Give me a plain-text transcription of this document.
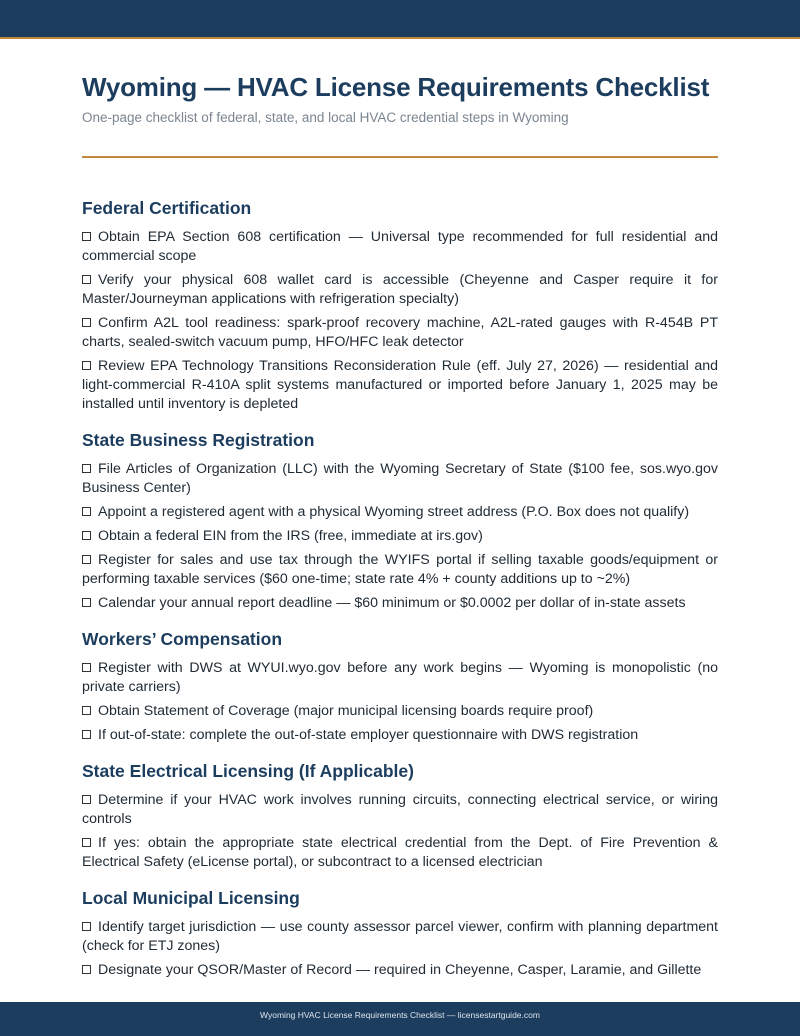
Wyoming — HVAC License Requirements Checklist
One-page checklist of federal, state, and local HVAC credential steps in Wyoming
Federal Certification
Obtain EPA Section 608 certification — Universal type recommended for full residential and commercial scope
Verify your physical 608 wallet card is accessible (Cheyenne and Casper require it for Master/Journeyman applications with refrigeration specialty)
Confirm A2L tool readiness: spark-proof recovery machine, A2L-rated gauges with R-454B PT charts, sealed-switch vacuum pump, HFO/HFC leak detector
Review EPA Technology Transitions Reconsideration Rule (eff. July 27, 2026) — residential and light-commercial R-410A split systems manufactured or imported before January 1, 2025 may be installed until inventory is depleted
State Business Registration
File Articles of Organization (LLC) with the Wyoming Secretary of State ($100 fee, sos.wyo.gov Business Center)
Appoint a registered agent with a physical Wyoming street address (P.O. Box does not qualify)
Obtain a federal EIN from the IRS (free, immediate at irs.gov)
Register for sales and use tax through the WYIFS portal if selling taxable goods/equipment or performing taxable services ($60 one-time; state rate 4% + county additions up to ~2%)
Calendar your annual report deadline — $60 minimum or $0.0002 per dollar of in-state assets
Workers’ Compensation
Register with DWS at WYUI.wyo.gov before any work begins — Wyoming is monopolistic (no private carriers)
Obtain Statement of Coverage (major municipal licensing boards require proof)
If out-of-state: complete the out-of-state employer questionnaire with DWS registration
State Electrical Licensing (If Applicable)
Determine if your HVAC work involves running circuits, connecting electrical service, or wiring controls
If yes: obtain the appropriate state electrical credential from the Dept. of Fire Prevention & Electrical Safety (eLicense portal), or subcontract to a licensed electrician
Local Municipal Licensing
Identify target jurisdiction — use county assessor parcel viewer, confirm with planning department (check for ETJ zones)
Designate your QSOR/Master of Record — required in Cheyenne, Casper, Laramie, and Gillette
Wyoming HVAC License Requirements Checklist — licensestartguide.com
